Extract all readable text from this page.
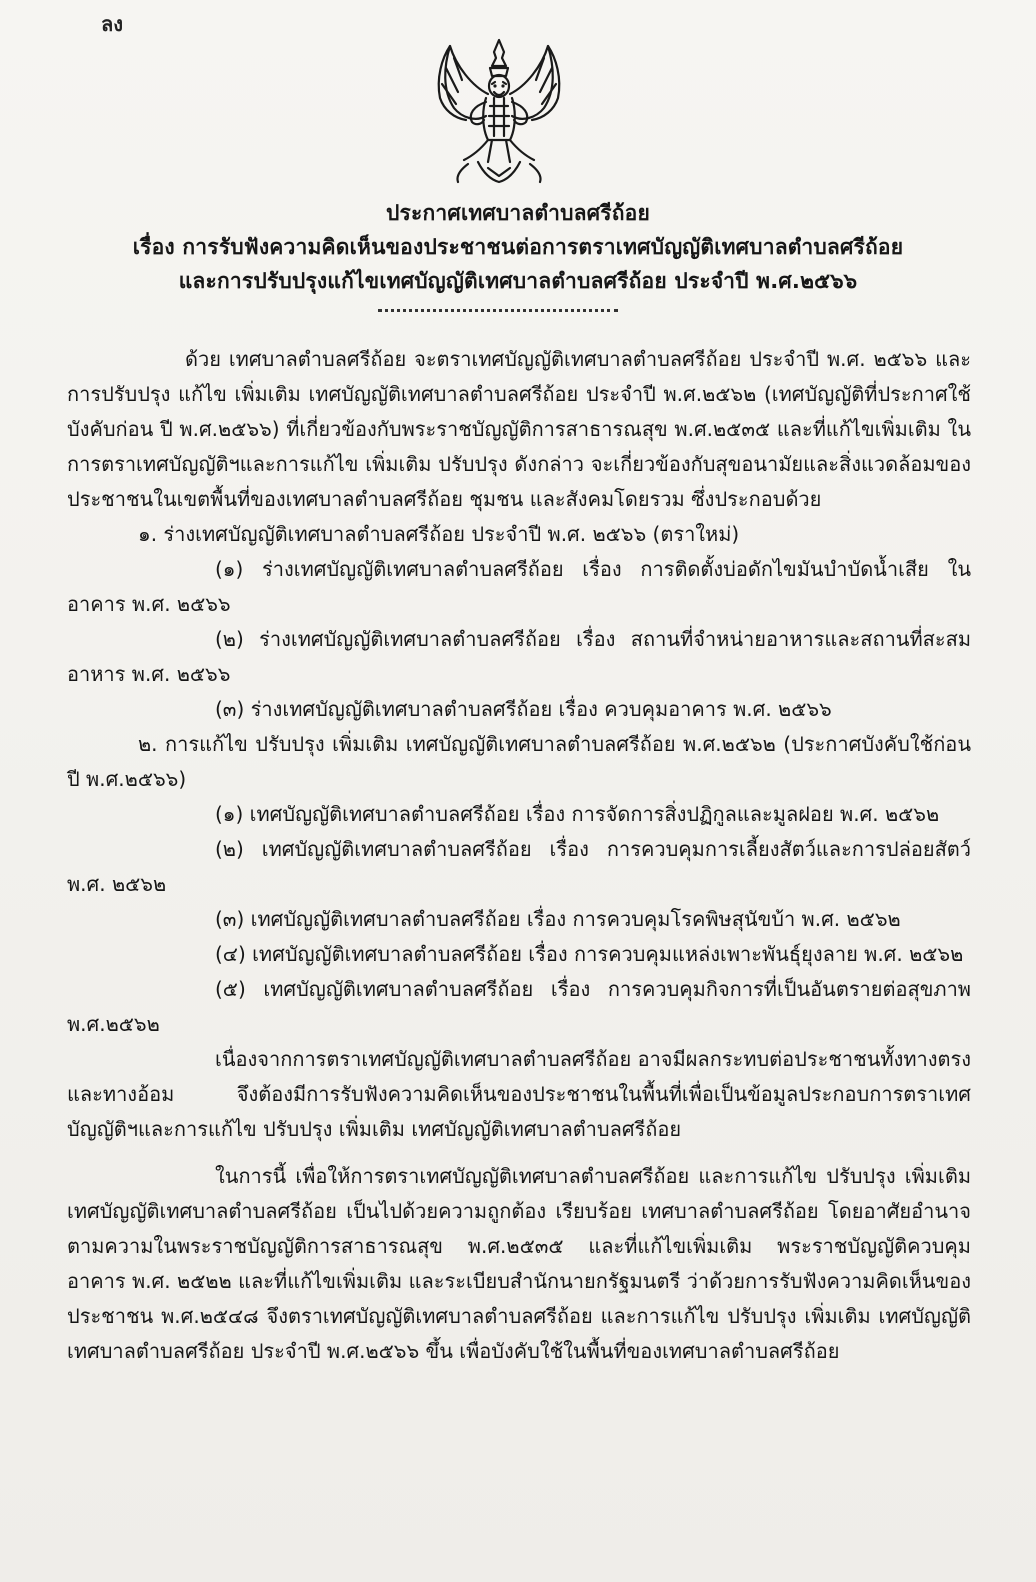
ลง
ประกาศเทศบาลตำบลศรีถ้อย
เรื่อง การรับฟังความคิดเห็นของประชาชนต่อการตราเทศบัญญัติเทศบาลตำบลศรีถ้อย
และการปรับปรุงแก้ไขเทศบัญญัติเทศบาลตำบลศรีถ้อย ประจำปี พ.ศ.๒๕๖๖

ด้วย เทศบาลตำบลศรีถ้อย จะตราเทศบัญญัติเทศบาลตำบลศรีถ้อย ประจำปี พ.ศ. ๒๕๖๖ และการปรับปรุง แก้ไข เพิ่มเติม เทศบัญญัติเทศบาลตำบลศรีถ้อย ประจำปี พ.ศ.๒๕๖๒ (เทศบัญญัติที่ประกาศใช้บังคับก่อน ปี พ.ศ.๒๕๖๖) ที่เกี่ยวข้องกับพระราชบัญญัติการสาธารณสุข พ.ศ.๒๕๓๕ และที่แก้ไขเพิ่มเติม ในการตราเทศบัญญัติฯและการแก้ไข เพิ่มเติม ปรับปรุง ดังกล่าว จะเกี่ยวข้องกับสุขอนามัยและสิ่งแวดล้อมของประชาชนในเขตพื้นที่ของเทศบาลตำบลศรีถ้อย ชุมชน และสังคมโดยรวม ซึ่งประกอบด้วย

๑. ร่างเทศบัญญัติเทศบาลตำบลศรีถ้อย ประจำปี พ.ศ. ๒๕๖๖ (ตราใหม่)

(๑) ร่างเทศบัญญัติเทศบาลตำบลศรีถ้อย เรื่อง การติดตั้งบ่อดักไขมันบำบัดน้ำเสีย ในอาคาร พ.ศ. ๒๕๖๖

(๒) ร่างเทศบัญญัติเทศบาลตำบลศรีถ้อย เรื่อง สถานที่จำหน่ายอาหารและสถานที่สะสม อาหาร พ.ศ. ๒๕๖๖

(๓) ร่างเทศบัญญัติเทศบาลตำบลศรีถ้อย เรื่อง ควบคุมอาคาร พ.ศ. ๒๕๖๖

๒. การแก้ไข ปรับปรุง เพิ่มเติม เทศบัญญัติเทศบาลตำบลศรีถ้อย พ.ศ.๒๕๖๒ (ประกาศบังคับใช้ก่อนปี พ.ศ.๒๕๖๖)

(๑) เทศบัญญัติเทศบาลตำบลศรีถ้อย เรื่อง การจัดการสิ่งปฏิกูลและมูลฝอย พ.ศ. ๒๕๖๒

(๒) เทศบัญญัติเทศบาลตำบลศรีถ้อย เรื่อง การควบคุมการเลี้ยงสัตว์และการปล่อยสัตว์ พ.ศ. ๒๕๖๒

(๓) เทศบัญญัติเทศบาลตำบลศรีถ้อย เรื่อง การควบคุมโรคพิษสุนัขบ้า พ.ศ. ๒๕๖๒

(๔) เทศบัญญัติเทศบาลตำบลศรีถ้อย เรื่อง การควบคุมแหล่งเพาะพันธุ์ยุงลาย พ.ศ. ๒๕๖๒

(๕) เทศบัญญัติเทศบาลตำบลศรีถ้อย เรื่อง การควบคุมกิจการที่เป็นอันตรายต่อสุขภาพ พ.ศ.๒๕๖๒

เนื่องจากการตราเทศบัญญัติเทศบาลตำบลศรีถ้อย อาจมีผลกระทบต่อประชาชนทั้งทางตรงและทางอ้อม จึงต้องมีการรับฟังความคิดเห็นของประชาชนในพื้นที่เพื่อเป็นข้อมูลประกอบการตราเทศบัญญัติฯและการแก้ไข ปรับปรุง เพิ่มเติม เทศบัญญัติเทศบาลตำบลศรีถ้อย

ในการนี้ เพื่อให้การตราเทศบัญญัติเทศบาลตำบลศรีถ้อย และการแก้ไข ปรับปรุง เพิ่มเติม เทศบัญญัติเทศบาลตำบลศรีถ้อย เป็นไปด้วยความถูกต้อง เรียบร้อย เทศบาลตำบลศรีถ้อย โดยอาศัยอำนาจตามความในพระราชบัญญัติการสาธารณสุข พ.ศ.๒๕๓๕ และที่แก้ไขเพิ่มเติม พระราชบัญญัติควบคุมอาคาร พ.ศ. ๒๕๒๒ และที่แก้ไขเพิ่มเติม และระเบียบสำนักนายกรัฐมนตรี ว่าด้วยการรับฟังความคิดเห็นของประชาชน พ.ศ.๒๕๔๘ จึงตราเทศบัญญัติเทศบาลตำบลศรีถ้อย และการแก้ไข ปรับปรุง เพิ่มเติม เทศบัญญัติเทศบาลตำบลศรีถ้อย ประจำปี พ.ศ.๒๕๖๖ ขึ้น เพื่อบังคับใช้ในพื้นที่ของเทศบาลตำบลศรีถ้อย
